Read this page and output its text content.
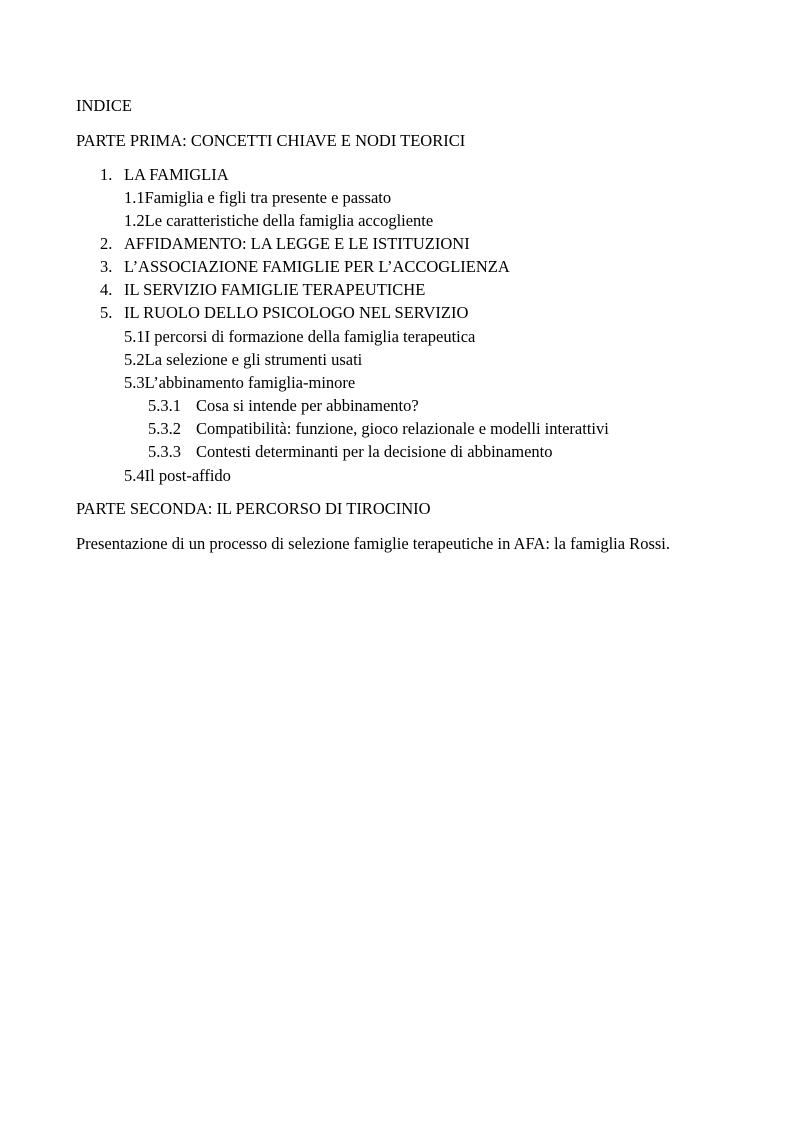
INDICE
PARTE PRIMA: CONCETTI CHIAVE E NODI TEORICI
1. LA FAMIGLIA
1.1Famiglia e figli tra presente e passato
1.2Le caratteristiche della famiglia accogliente
2. AFFIDAMENTO: LA LEGGE E LE ISTITUZIONI
3. L’ASSOCIAZIONE FAMIGLIE PER L’ACCOGLIENZA
4. IL SERVIZIO FAMIGLIE TERAPEUTICHE
5. IL RUOLO DELLO PSICOLOGO NEL SERVIZIO
5.1I percorsi di formazione della famiglia terapeutica
5.2La selezione e gli strumenti usati
5.3L’abbinamento famiglia-minore
5.3.1 Cosa si intende per abbinamento?
5.3.2 Compatibilità: funzione, gioco relazionale e modelli interattivi
5.3.3 Contesti determinanti per la decisione di abbinamento
5.4Il post-affido
PARTE SECONDA: IL PERCORSO DI TIROCINIO
Presentazione di un processo di selezione famiglie terapeutiche in AFA: la famiglia Rossi.
